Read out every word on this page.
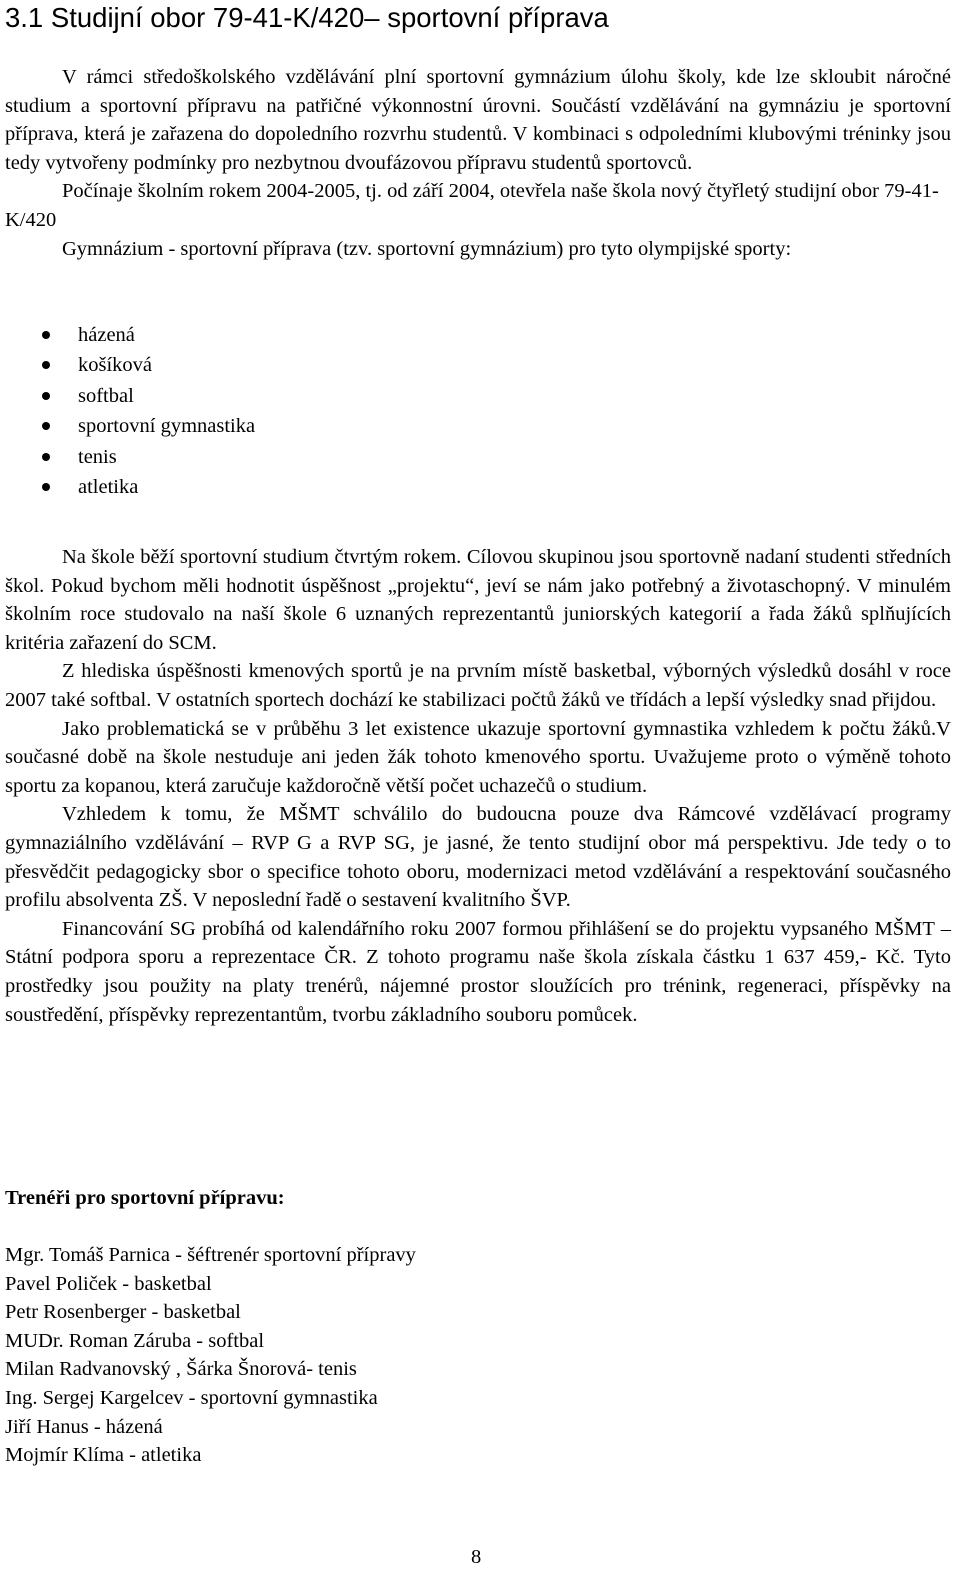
3.1 Studijní obor 79-41-K/420– sportovní příprava

V rámci středoškolského vzdělávání plní sportovní gymnázium úlohu školy, kde lze skloubit náročné studium a sportovní přípravu na patřičné výkonnostní úrovni. Součástí vzdělávání na gymnáziu je sportovní příprava, která je zařazena do dopoledního rozvrhu studentů. V kombinaci s odpoledními klubovými tréninky jsou tedy vytvořeny podmínky pro nezbytnou dvoufázovou přípravu studentů sportovců.

Počínaje školním rokem 2004-2005, tj. od září 2004, otevřela naše škola nový čtyřletý studijní obor 79-41-K/420

Gymnázium - sportovní příprava (tzv. sportovní gymnázium) pro tyto olympijské sporty:

házená
košíková
softbal
sportovní gymnastika
tenis
atletika

Na škole běží sportovní studium čtvrtým rokem. Cílovou skupinou jsou sportovně nadaní studenti středních škol. Pokud bychom měli hodnotit úspěšnost „projektu“, jeví se nám jako potřebný a životaschopný. V minulém školním roce studovalo na naší škole 6 uznaných reprezentantů juniorských kategorií a řada žáků splňujících kritéria zařazení do SCM.

Z hlediska úspěšnosti kmenových sportů je na prvním místě basketbal, výborných výsledků dosáhl v roce 2007 také softbal. V ostatních sportech dochází ke stabilizaci počtů žáků ve třídách a lepší výsledky snad přijdou.

Jako problematická se v průběhu 3 let existence ukazuje sportovní gymnastika vzhledem k počtu žáků.V současné době na škole nestuduje ani jeden žák tohoto kmenového sportu. Uvažujeme proto o výměně tohoto sportu za kopanou, která zaručuje každoročně větší počet uchazečů o studium.

Vzhledem k tomu, že MŠMT schválilo do budoucna pouze dva Rámcové vzdělávací programy gymnaziálního vzdělávání – RVP G a RVP SG, je jasné, že tento studijní obor má perspektivu. Jde tedy o to přesvědčit pedagogicky sbor o specifice tohoto oboru, modernizaci metod vzdělávání a respektování současného profilu absolventa ZŠ. V neposlední řadě o sestavení kvalitního ŠVP.

Financování SG probíhá od kalendářního roku 2007 formou přihlášení se do projektu vypsaného MŠMT – Státní podpora sporu a reprezentace ČR. Z tohoto programu naše škola získala částku 1 637 459,- Kč. Tyto prostředky jsou použity na platy trenérů, nájemné prostor sloužících pro trénink, regeneraci, příspěvky na soustředění, příspěvky reprezentantům, tvorbu základního souboru pomůcek.

Trenéři pro sportovní přípravu:
Mgr. Tomáš Parnica - šéftrenér sportovní přípravy
Pavel Poliček - basketbal
Petr Rosenberger - basketbal
MUDr. Roman Záruba - softbal
Milan Radvanovský , Šárka Šnorová- tenis
Ing. Sergej Kargelcev - sportovní gymnastika
Jiří Hanus - házená
Mojmír Klíma - atletika
8
